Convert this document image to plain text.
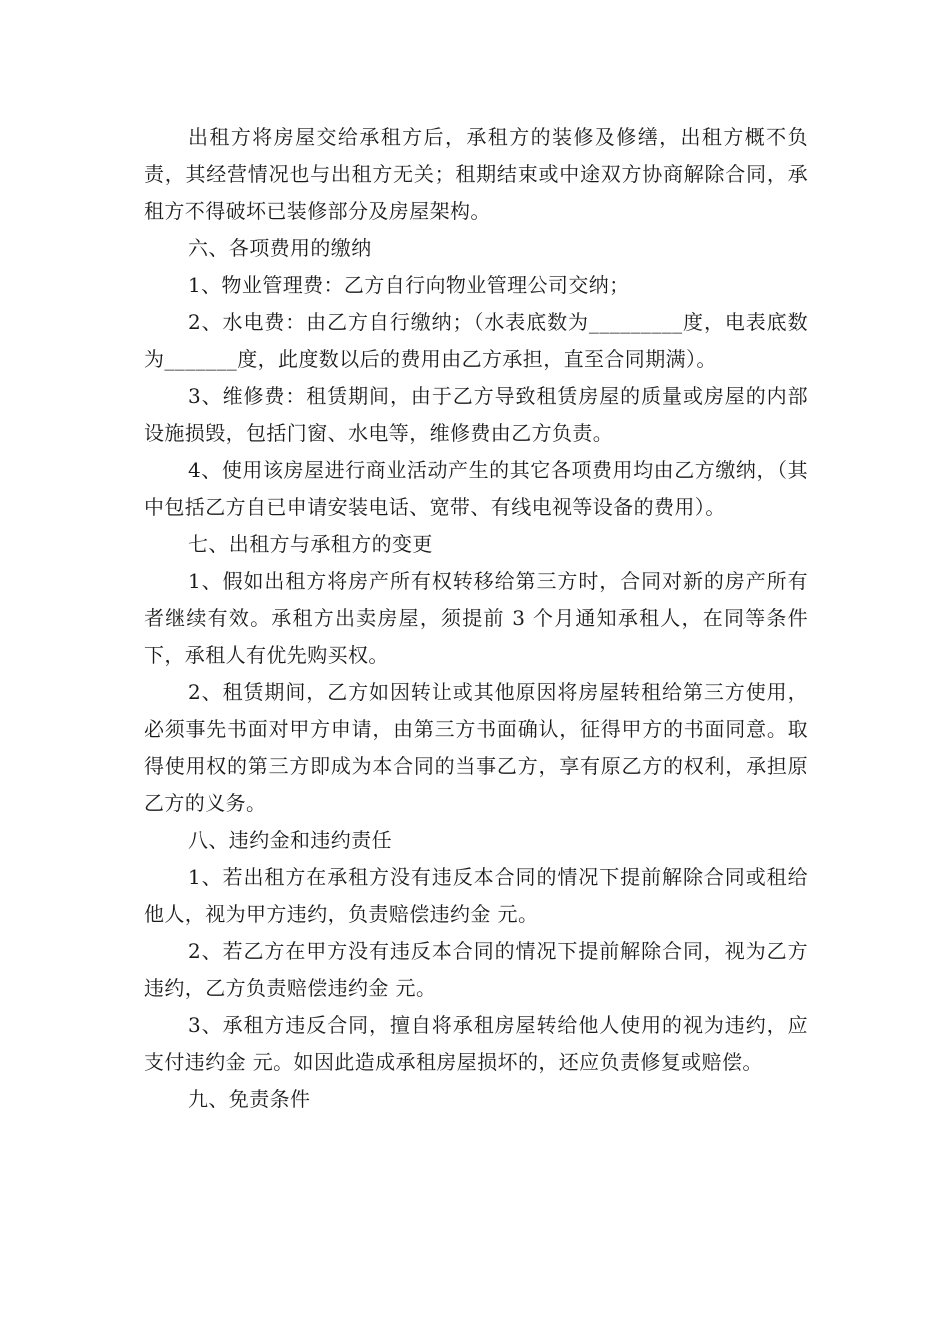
出租方将房屋交给承租方后，承租方的装修及修缮，出租方概不负责，其经营情况也与出租方无关；租期结束或中途双方协商解除合同，承租方不得破坏已装修部分及房屋架构。

六、各项费用的缴纳

1、物业管理费：乙方自行向物业管理公司交纳；

2、水电费：由乙方自行缴纳；（水表底数为_________度，电表底数为_______度，此度数以后的费用由乙方承担，直至合同期满）。

3、维修费：租赁期间，由于乙方导致租赁房屋的质量或房屋的内部设施损毁，包括门窗、水电等，维修费由乙方负责。

4、使用该房屋进行商业活动产生的其它各项费用均由乙方缴纳，（其中包括乙方自已申请安装电话、宽带、有线电视等设备的费用）。

七、出租方与承租方的变更

1、假如出租方将房产所有权转移给第三方时，合同对新的房产所有者继续有效。承租方出卖房屋，须提前 3 个月通知承租人，在同等条件下，承租人有优先购买权。

2、租赁期间，乙方如因转让或其他原因将房屋转租给第三方使用，必须事先书面对甲方申请，由第三方书面确认，征得甲方的书面同意。取得使用权的第三方即成为本合同的当事乙方，享有原乙方的权利，承担原乙方的义务。

八、违约金和违约责任

1、若出租方在承租方没有违反本合同的情况下提前解除合同或租给他人，视为甲方违约，负责赔偿违约金 元。

2、若乙方在甲方没有违反本合同的情况下提前解除合同，视为乙方违约，乙方负责赔偿违约金 元。

3、承租方违反合同，擅自将承租房屋转给他人使用的视为违约，应支付违约金 元。如因此造成承租房屋损坏的，还应负责修复或赔偿。

九、免责条件
